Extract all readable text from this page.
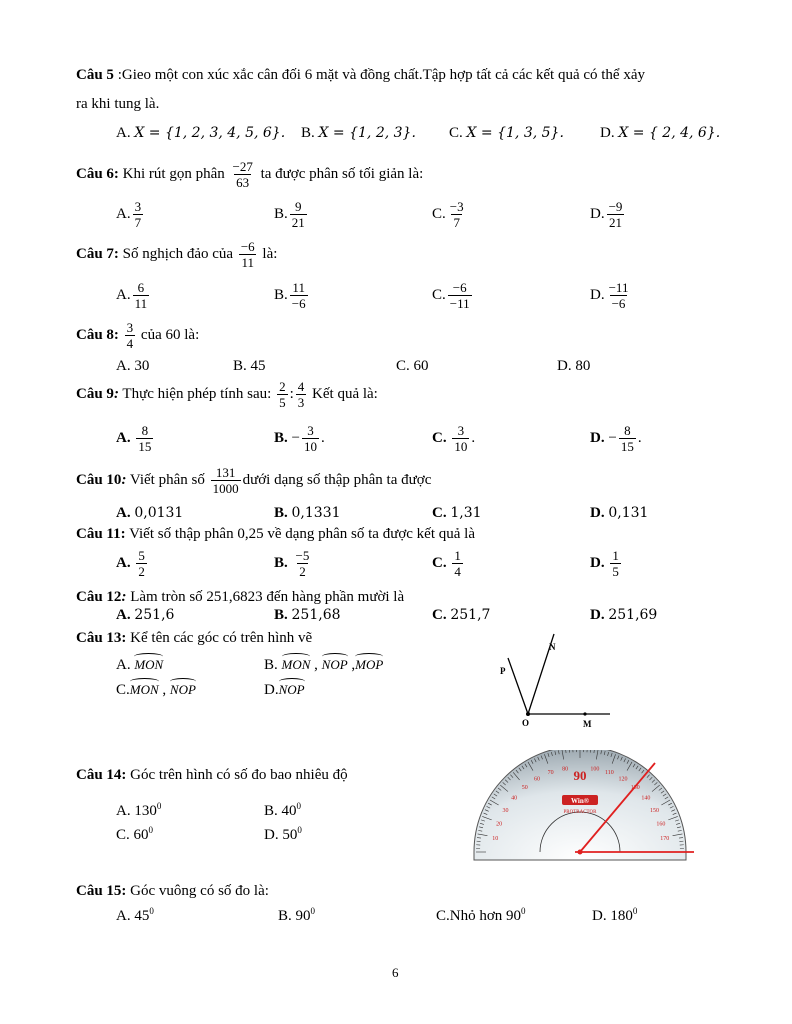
Câu 5 :Gieo một con xúc xắc cân đối 6 mặt và đồng chất.Tập hợp tất cả các kết quả có thể xảy
ra khi tung là.
A. X = {1, 2, 3, 4, 5, 6}. B. X = {1, 2, 3}. C. X = {1, 3, 5}. D. X = { 2, 4, 6}.
Câu 6: Khi rút gọn phân $\frac{-27}{63}$ ta được phân số tối giản là:
A. $\frac{3}{7}$	B. $\frac{9}{21}$	C. $\frac{-3}{7}$	D. $\frac{-9}{21}$
Câu 7: Số nghịch đảo của $\frac{-6}{11}$ là:
A. $\frac{6}{11}$	B. $\frac{11}{-6}$	C. $\frac{-6}{-11}$	D. $\frac{-11}{-6}$
Câu 8: $\frac{3}{4}$ của 60 là:
A. 30	B. 45	C. 60	D. 80
Câu 9: Thực hiện phép tính sau: $\frac{2}{5}$ : $\frac{4}{3}$ Kết quả là:
A. $\frac{8}{15}$	B. − $\frac{3}{10}$ .	C. $\frac{3}{10}$ .	D. − $\frac{8}{15}$ .
Câu 10: Viết phân số $\frac{131}{1000}$ dưới dạng số thập phân ta được
A. 0,0131	B. 0,1331	C. 1,31	D. 0,131
Câu 11: Viết số thập phân 0,25 về dạng phân số ta được kết quả là
A. $\frac{5}{2}$	B. $\frac{-5}{2}$	C. $\frac{1}{4}$	D. $\frac{1}{5}$
Câu 12: Làm tròn số 251,6823 đến hàng phần mười là
A. 251,6	B. 251,68	C. 251,7	D. 251,69
Câu 13: Kể tên các góc có trên hình vẽ
A. MON	B. MON , NOP ,MOP
C.MON , NOP	D.NOP
N
P
O	M
Câu 14: Góc trên hình có số đo bao nhiêu độ
A. $130^0$	B. $40^0$
C. $60^0$	D. $50^0$
170
160
150
140
130
120
110
100
80
70
60
50
40
30
20
10
Win®
PROTRACTOR
90
Câu 15: Góc vuông có số đo là:
A. $45^0$	B. $90^0$	C.Nhỏ hơn $90^0$	D. $180^0$
6
